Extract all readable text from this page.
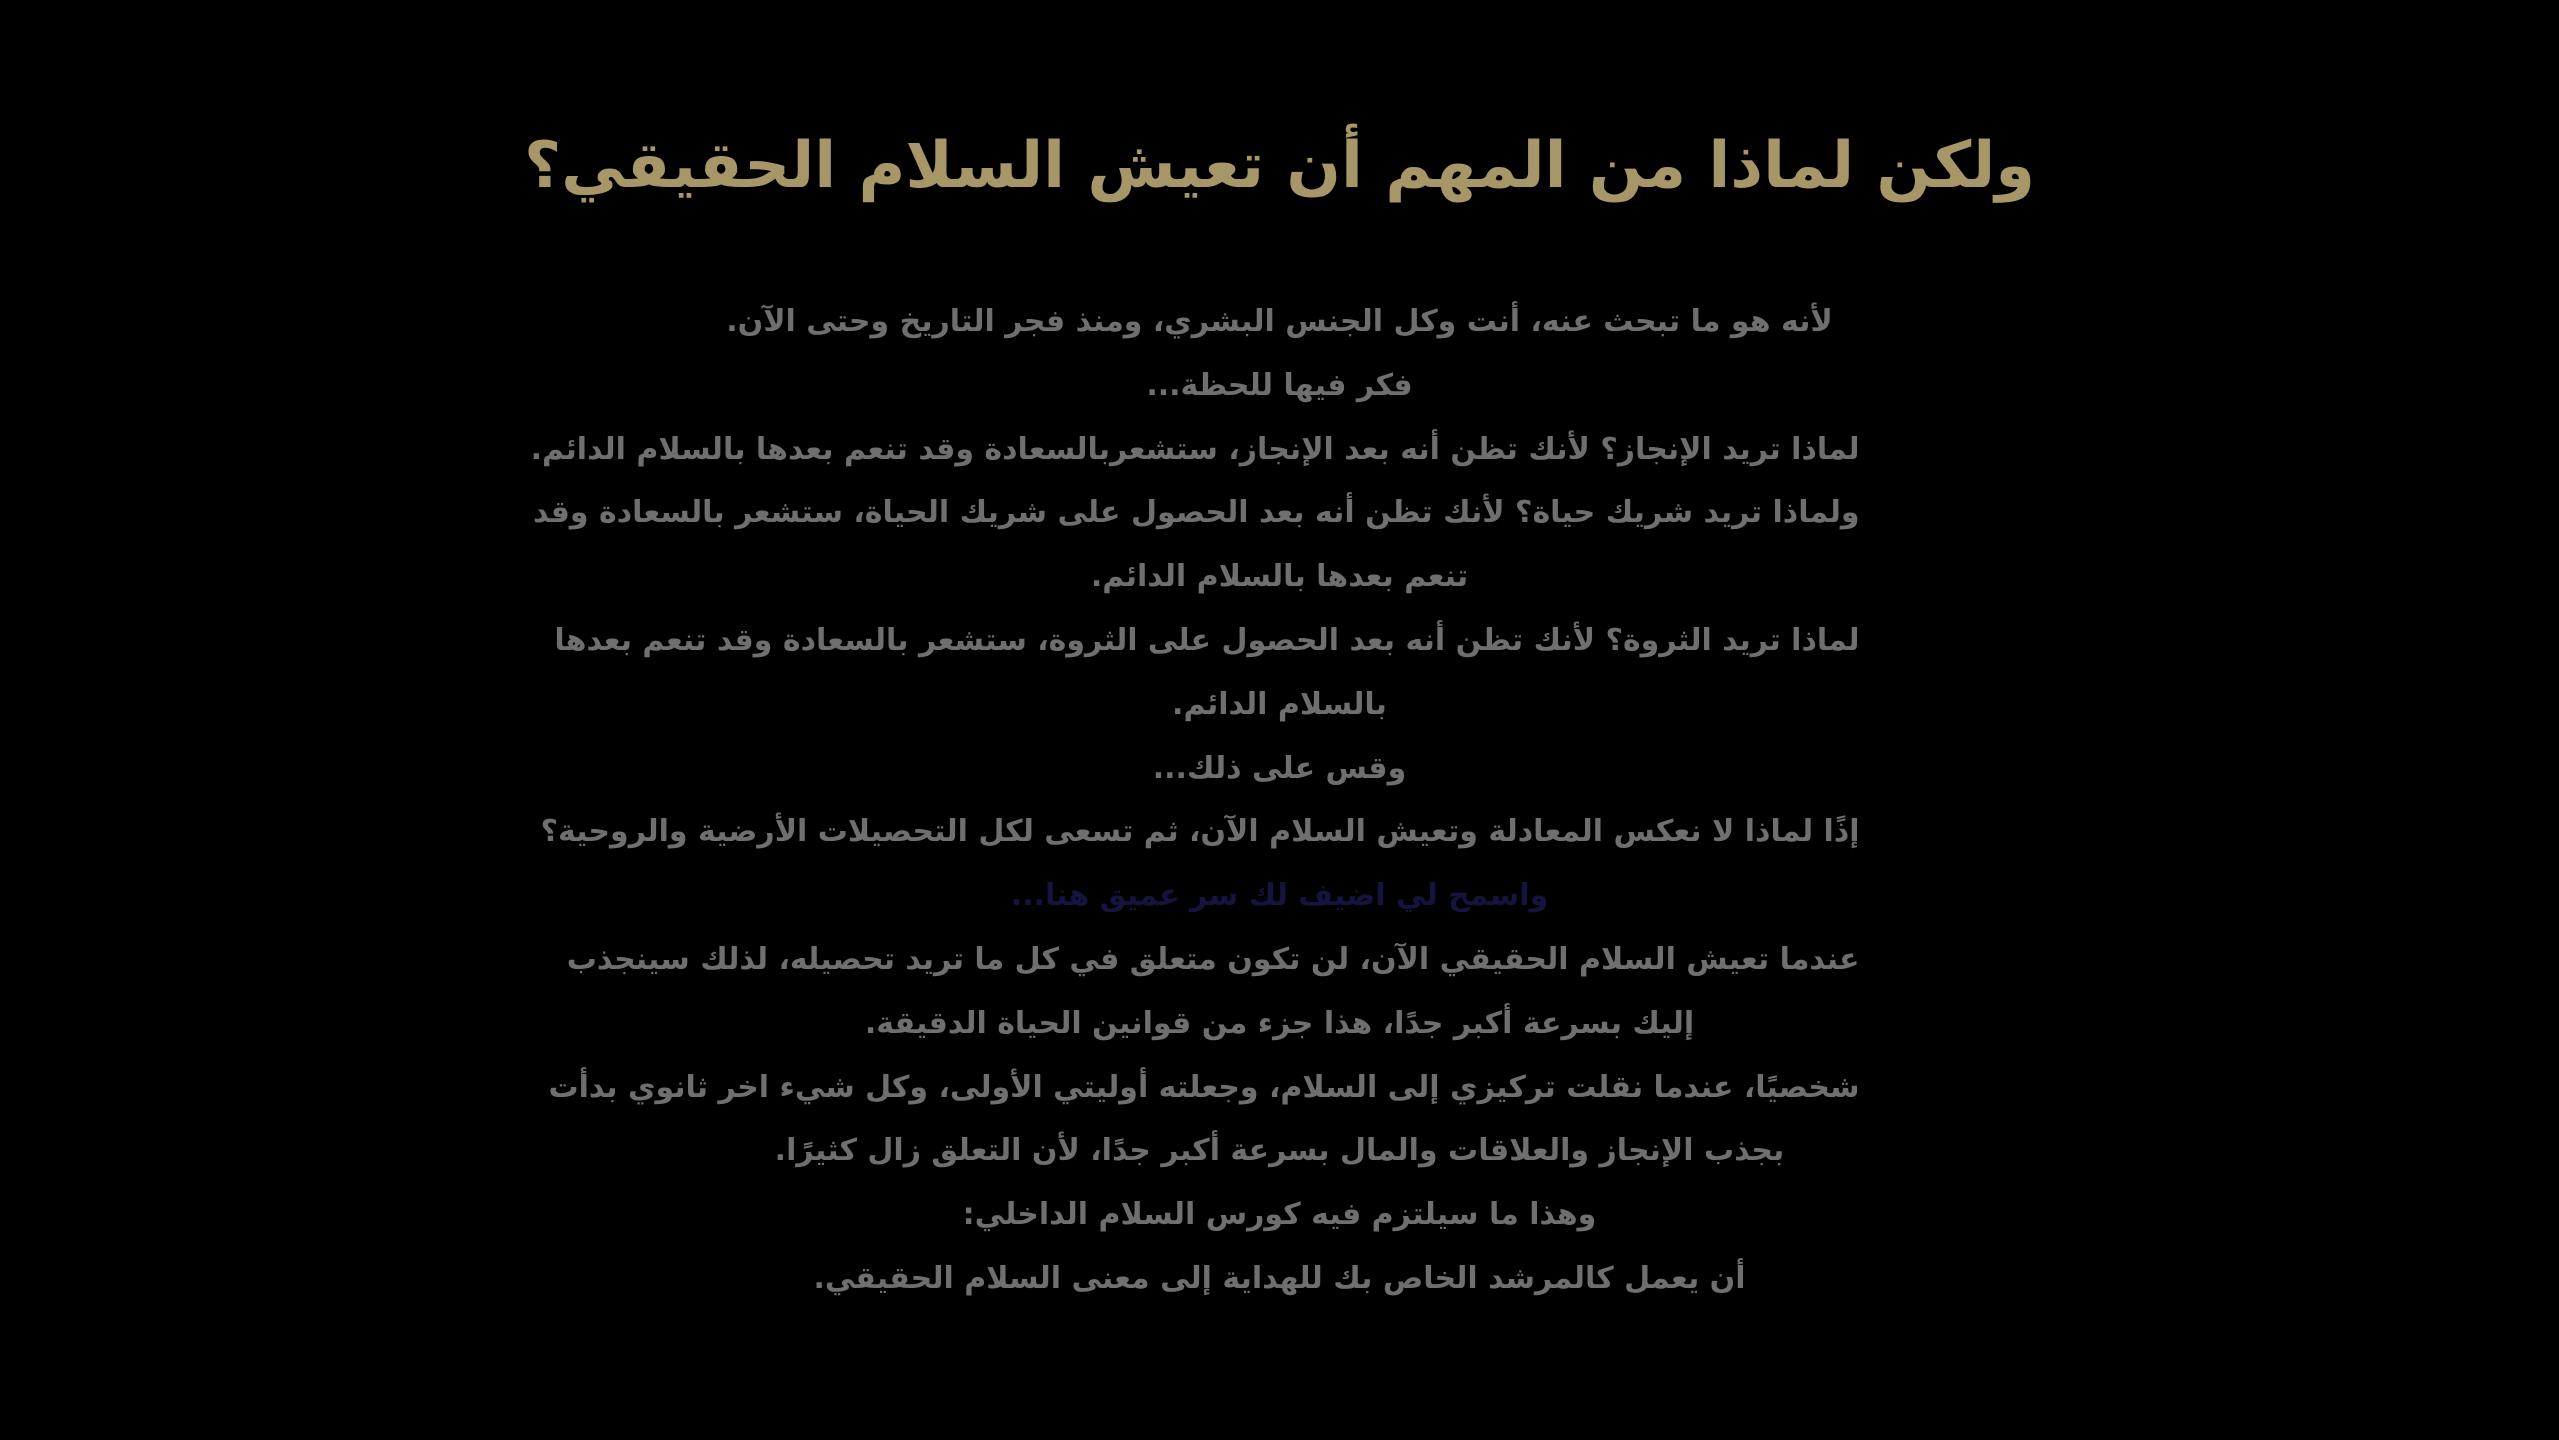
ولكن لماذا من المهم أن تعيش السلام الحقيقي؟
لأنه هو ما تبحث عنه، أنت وكل الجنس البشري، ومنذ فجر التاريخ وحتى الآن.
فكر فيها للحظة...
لماذا تريد الإنجاز؟ لأنك تظن أنه بعد الإنجاز، ستشعربالسعادة وقد تنعم بعدها بالسلام الدائم.
ولماذا تريد شريك حياة؟ لأنك تظن أنه بعد الحصول على شريك الحياة، ستشعر بالسعادة وقد
تنعم بعدها بالسلام الدائم.
لماذا تريد الثروة؟ لأنك تظن أنه بعد الحصول على الثروة، ستشعر بالسعادة وقد تنعم بعدها
بالسلام الدائم.
وقس على ذلك...
إذًا لماذا لا نعكس المعادلة وتعيش السلام الآن، ثم تسعى لكل التحصيلات الأرضية والروحية؟
واسمح لي اضيف لك سر عميق هنا...
عندما تعيش السلام الحقيقي الآن، لن تكون متعلق في كل ما تريد تحصيله، لذلك سينجذب
إليك بسرعة أكبر جدًا، هذا جزء من قوانين الحياة الدقيقة.
شخصيًا، عندما نقلت تركيزي إلى السلام، وجعلته أوليتي الأولى، وكل شيء اخر ثانوي بدأت
بجذب الإنجاز والعلاقات والمال بسرعة أكبر جدًا، لأن التعلق زال كثيرًا.
وهذا ما سيلتزم فيه كورس السلام الداخلي:
أن يعمل كالمرشد الخاص بك للهداية إلى معنى السلام الحقيقي.
